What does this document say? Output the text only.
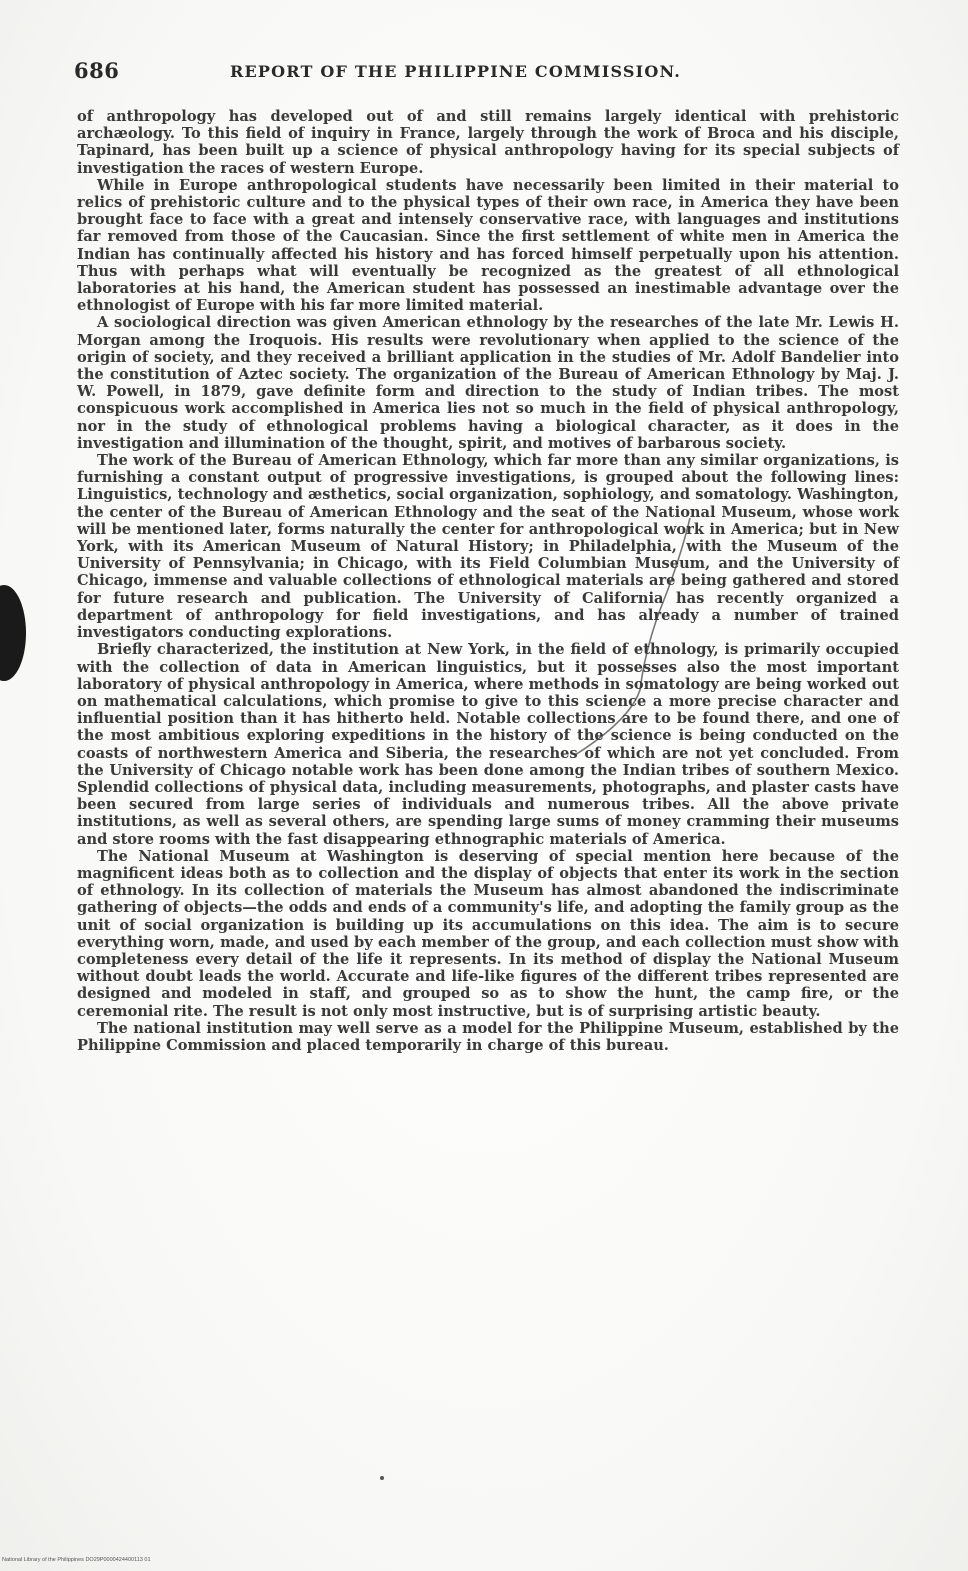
686	REPORT OF THE PHILIPPINE COMMISSION.

of anthropology has developed out of and still remains largely identical with prehistoric archæology. To this field of inquiry in France, largely through the work of Broca and his disciple, Tapinard, has been built up a science of physical anthropology having for its special subjects of investigation the races of western Europe.

While in Europe anthropological students have necessarily been limited in their material to relics of prehistoric culture and to the physical types of their own race, in America they have been brought face to face with a great and intensely conservative race, with languages and institutions far removed from those of the Caucasian. Since the first settlement of white men in America the Indian has continually affected his history and has forced himself perpetually upon his attention. Thus with perhaps what will eventually be recognized as the greatest of all ethnological laboratories at his hand, the American student has possessed an inestimable advantage over the ethnologist of Europe with his far more limited material.

A sociological direction was given American ethnology by the researches of the late Mr. Lewis H. Morgan among the Iroquois. His results were revolutionary when applied to the science of the origin of society, and they received a brilliant application in the studies of Mr. Adolf Bandelier into the constitution of Aztec society. The organization of the Bureau of American Ethnology by Maj. J. W. Powell, in 1879, gave definite form and direction to the study of Indian tribes. The most conspicuous work accomplished in America lies not so much in the field of physical anthropology, nor in the study of ethnological problems having a biological character, as it does in the investigation and illumination of the thought, spirit, and motives of barbarous society.

The work of the Bureau of American Ethnology, which far more than any similar organizations, is furnishing a constant output of progressive investigations, is grouped about the following lines: Linguistics, technology and æsthetics, social organization, sophiology, and somatology. Washington, the center of the Bureau of American Ethnology and the seat of the National Museum, whose work will be mentioned later, forms naturally the center for anthropological work in America; but in New York, with its American Museum of Natural History; in Philadelphia, with the Museum of the University of Pennsylvania; in Chicago, with its Field Columbian Museum, and the University of Chicago, immense and valuable collections of ethnological materials are being gathered and stored for future research and publication. The University of California has recently organized a department of anthropology for field investigations, and has already a number of trained investigators conducting explorations.

Briefly characterized, the institution at New York, in the field of ethnology, is primarily occupied with the collection of data in American linguistics, but it possesses also the most important laboratory of physical anthropology in America, where methods in somatology are being worked out on mathematical calculations, which promise to give to this science a more precise character and influential position than it has hitherto held. Notable collections are to be found there, and one of the most ambitious exploring expeditions in the history of the science is being conducted on the coasts of northwestern America and Siberia, the researches of which are not yet concluded. From the University of Chicago notable work has been done among the Indian tribes of southern Mexico. Splendid collections of physical data, including measurements, photographs, and plaster casts have been secured from large series of individuals and numerous tribes. All the above private institutions, as well as several others, are spending large sums of money cramming their museums and store rooms with the fast disappearing ethnographic materials of America.

The National Museum at Washington is deserving of special mention here because of the magnificent ideas both as to collection and the display of objects that enter its work in the section of ethnology. In its collection of materials the Museum has almost abandoned the indiscriminate gathering of objects—the odds and ends of a community's life, and adopting the family group as the unit of social organization is building up its accumulations on this idea. The aim is to secure everything worn, made, and used by each member of the group, and each collection must show with completeness every detail of the life it represents. In its method of display the National Museum without doubt leads the world. Accurate and life-like figures of the different tribes represented are designed and modeled in staff, and grouped so as to show the hunt, the camp fire, or the ceremonial rite. The result is not only most instructive, but is of surprising artistic beauty.

The national institution may well serve as a model for the Philippine Museum, established by the Philippine Commission and placed temporarily in charge of this bureau.

National Library of the Philippines DO29P0000424400113 01
